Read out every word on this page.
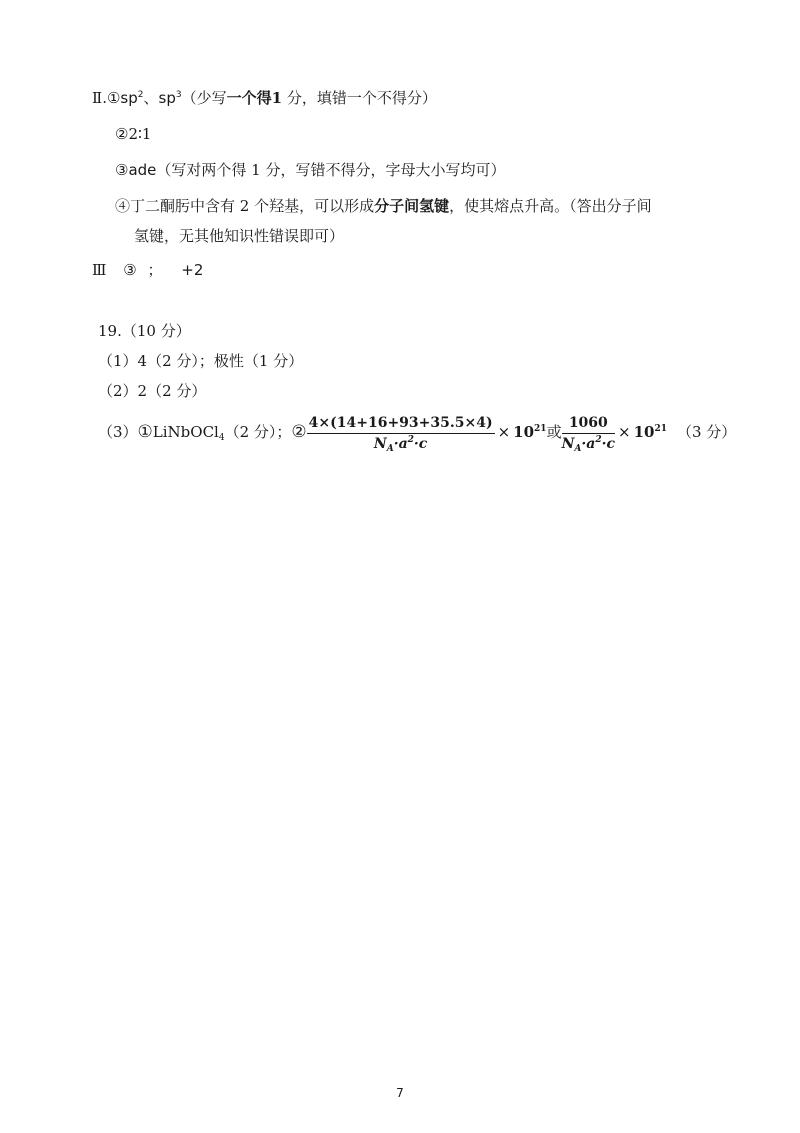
$Ⅱ.①sp^2$、$sp^3$（少写一个得1 分，填错一个不得分）
②2∶1
③ade（写对两个得 1 分，写错不得分，字母大小写均可）
④丁二酮肟中含有 2 个羟基，可以形成分子间氢键，使其熔点升高。（答出分子间
氢键，无其他知识性错误即可）
Ⅲ ③ ； +2
19.（10 分）
（1）4（2 分）；极性（1 分）
（2）2（2 分）
（3）①LiNbOCl$_4$（2 分）；② $\frac{4\times(14+16+93+35.5\times 4)}{N_A\cdot a^2\cdot c} \times 10^{21}$或 $\frac{1060}{N_A\cdot a^2\cdot c} \times 10^{21}$ （3 分）
7
